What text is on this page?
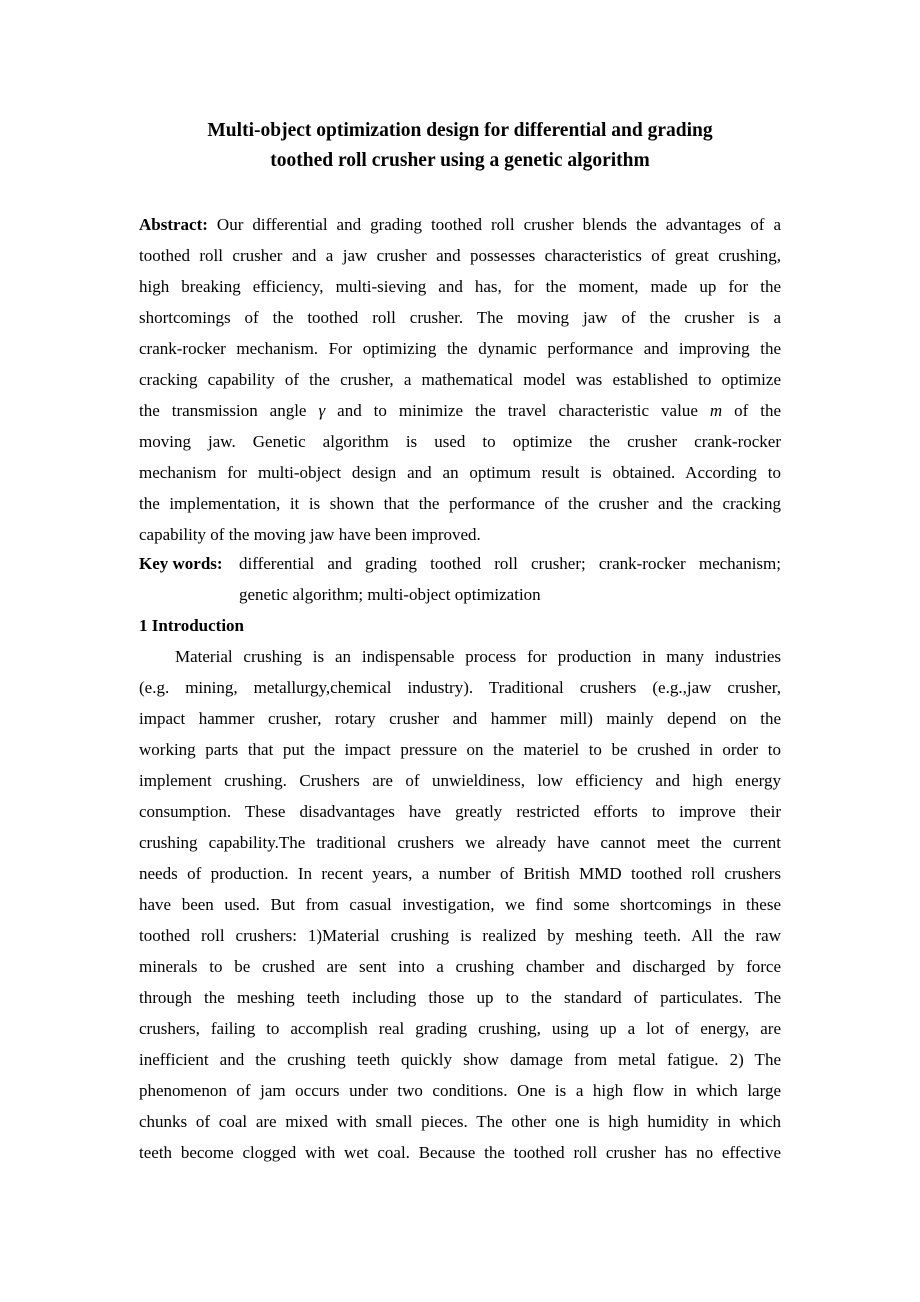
Multi-object optimization design for differential and grading
toothed roll crusher using a genetic algorithm
Abstract: Our differential and grading toothed roll crusher blends the advantages of a
toothed roll crusher and a jaw crusher and possesses characteristics of great crushing,
high breaking efficiency, multi-sieving and has, for the moment, made up for the
shortcomings of the toothed roll crusher. The moving jaw of the crusher is a
crank-rocker mechanism. For optimizing the dynamic performance and improving the
cracking capability of the crusher, a mathematical model was established to optimize
the transmission angle γ and to minimize the travel characteristic value m of the
moving jaw. Genetic algorithm is used to optimize the crusher crank-rocker
mechanism for multi-object design and an optimum result is obtained. According to
the implementation, it is shown that the performance of the crusher and the cracking
capability of the moving jaw have been improved.
Key words: differential and grading toothed roll crusher; crank-rocker mechanism;
genetic algorithm; multi-object optimization
1 Introduction
Material crushing is an indispensable process for production in many industries
(e.g. mining, metallurgy,chemical industry). Traditional crushers (e.g.,jaw crusher,
impact hammer crusher, rotary crusher and hammer mill) mainly depend on the
working parts that put the impact pressure on the materiel to be crushed in order to
implement crushing. Crushers are of unwieldiness, low efficiency and high energy
consumption. These disadvantages have greatly restricted efforts to improve their
crushing capability.The traditional crushers we already have cannot meet the current
needs of production. In recent years, a number of British MMD toothed roll crushers
have been used. But from casual investigation, we find some shortcomings in these
toothed roll crushers: 1)Material crushing is realized by meshing teeth. All the raw
minerals to be crushed are sent into a crushing chamber and discharged by force
through the meshing teeth including those up to the standard of particulates. The
crushers, failing to accomplish real grading crushing, using up a lot of energy, are
inefficient and the crushing teeth quickly show damage from metal fatigue. 2) The
phenomenon of jam occurs under two conditions. One is a high flow in which large
chunks of coal are mixed with small pieces. The other one is high humidity in which
teeth become clogged with wet coal. Because the toothed roll crusher has no effective
